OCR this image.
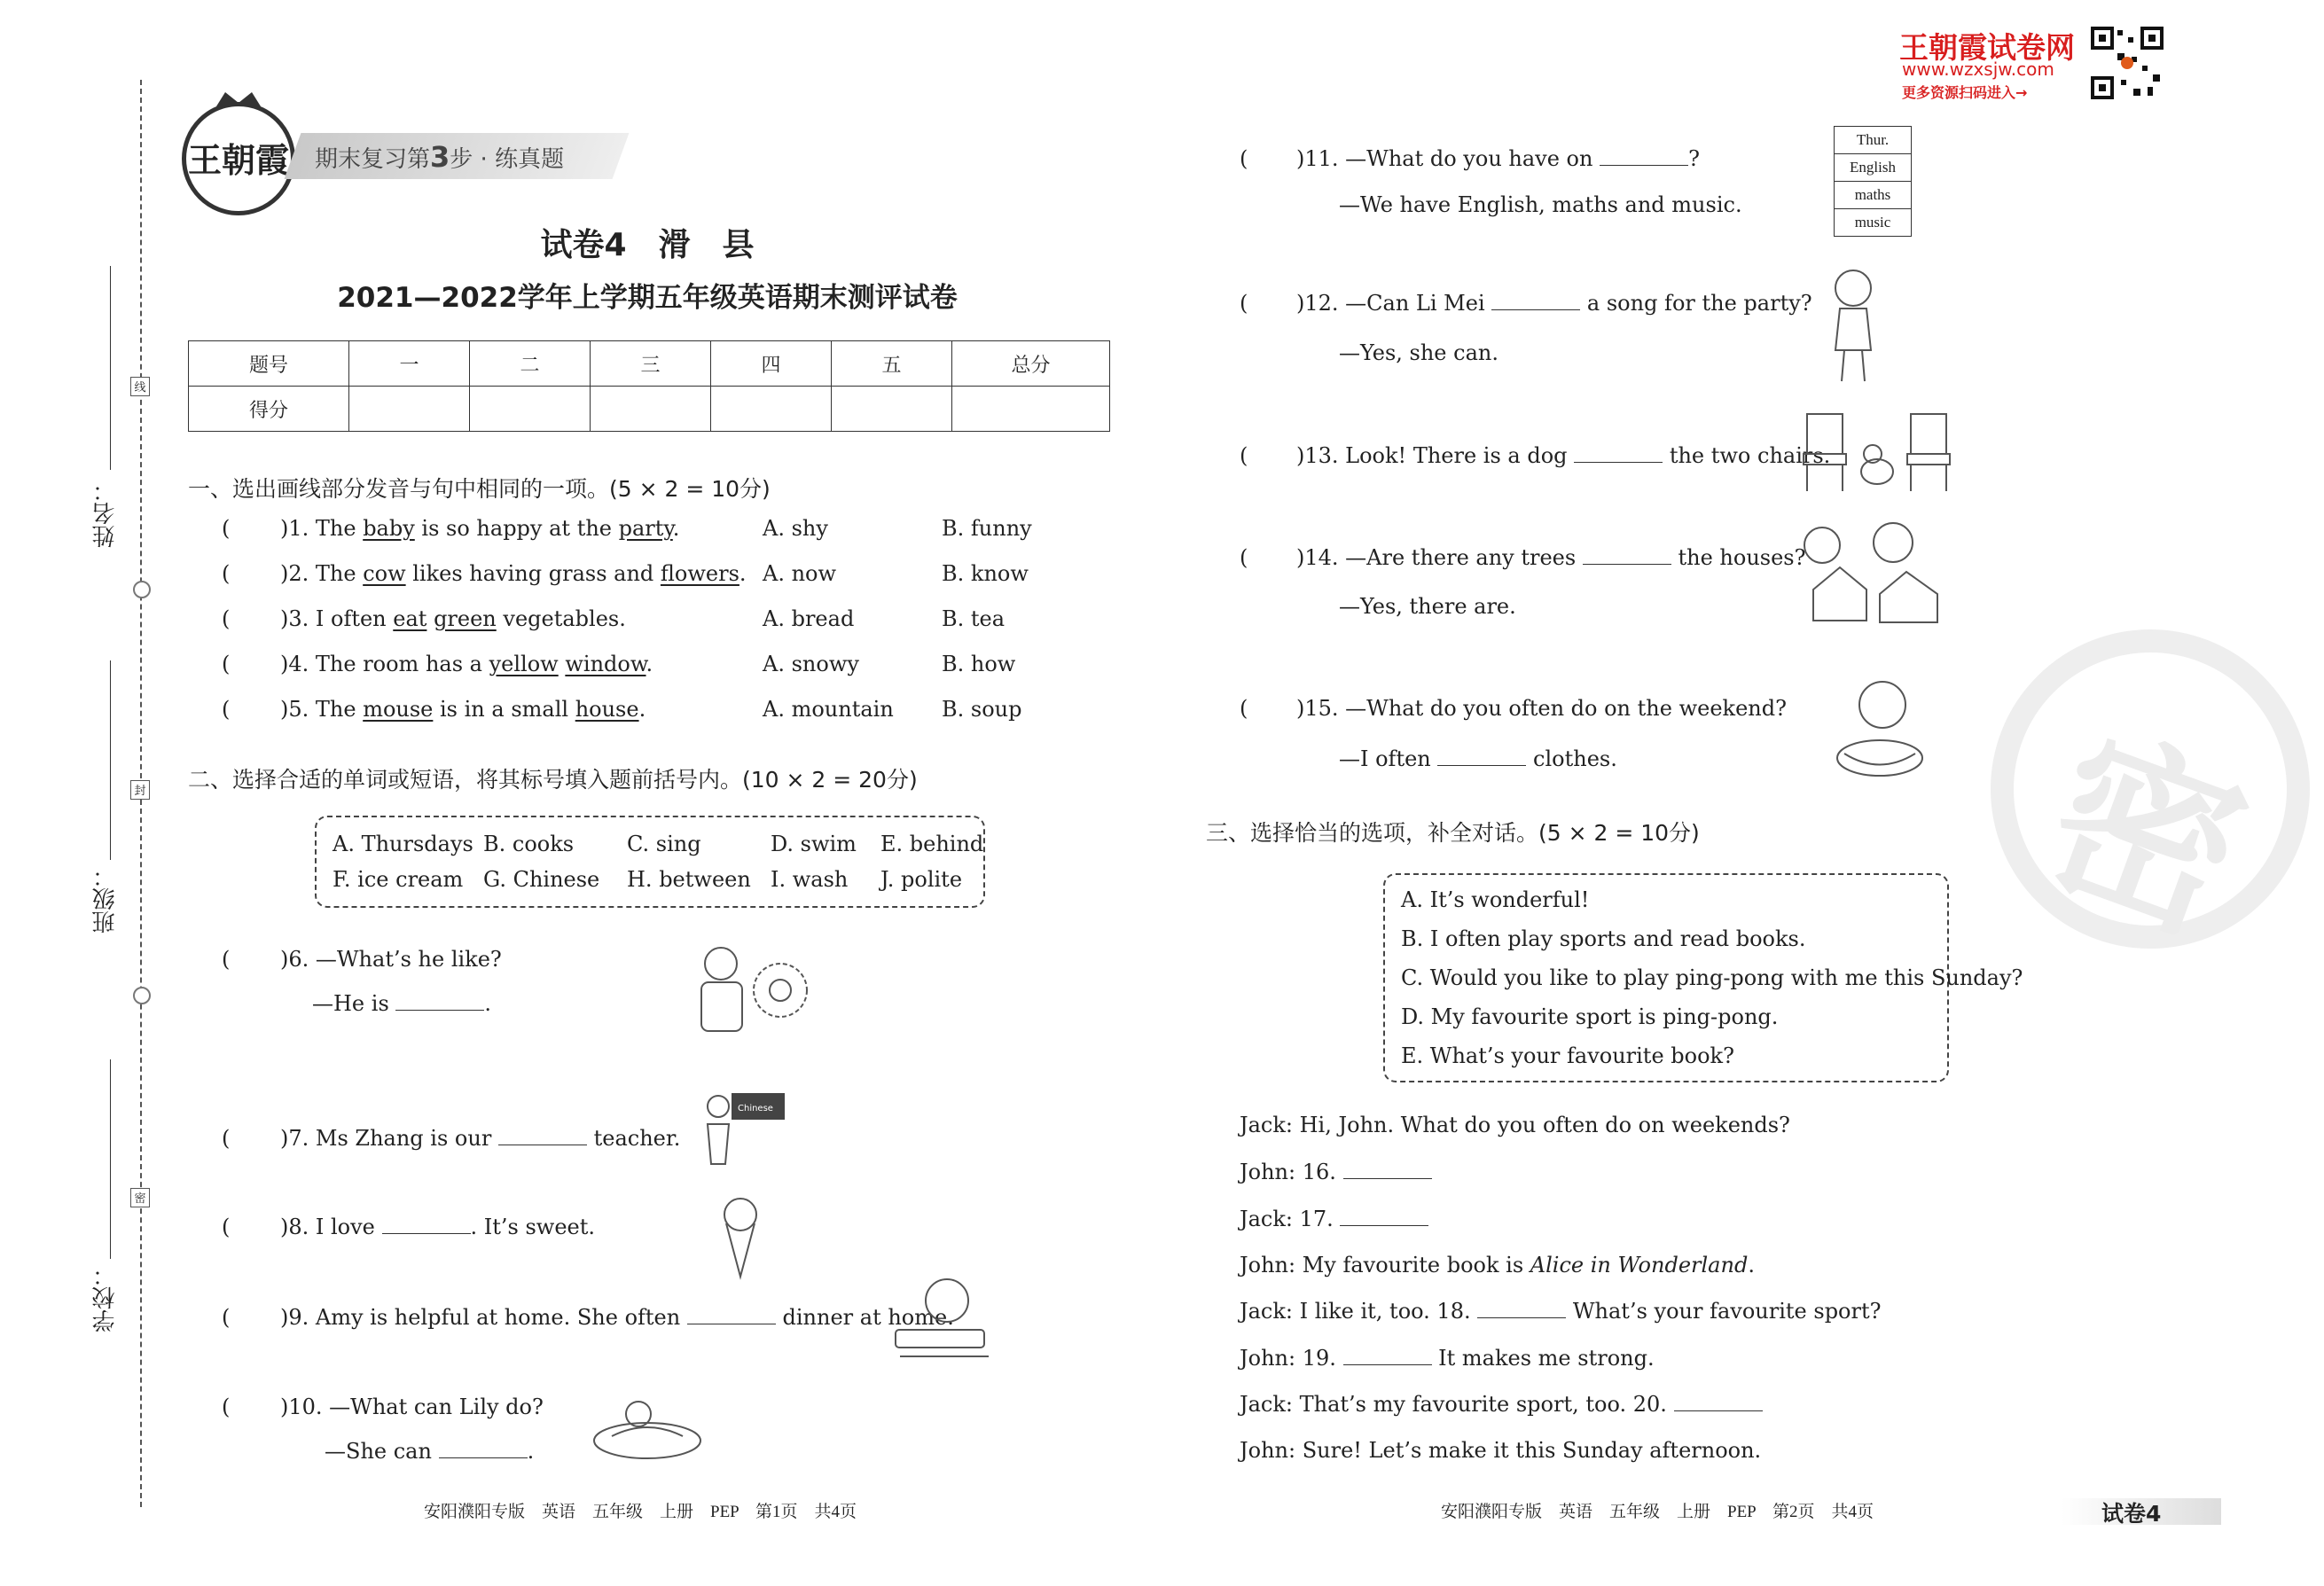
姓名：
班级：
学校：
线
封
密
王朝霞 期末复习第3步 · 练真题
试卷4　滑　县
2021—2022学年上学期五年级英语期末测评试卷
题号	一	二	三	四	五	总分
得分						
一、选出画线部分发音与句中相同的一项。(5 × 2 = 10分)
( )1. The baby is so happy at the party.	A. shy	B. funny
( )2. The cow likes having grass and flowers. A. now	B. know
( )3. I often eat green vegetables.	A. bread	B. tea
( )4. The room has a yellow window.	A. snowy	B. how
( )5. The mouse is in a small house.	A. mountain B. soup
二、选择合适的单词或短语，将其标号填入题前括号内。(10 × 2 = 20分)
A. Thursdays B. cooks C. sing	D. swim E. behind
F. ice cream G. Chinese H. between I. wash J. polite
( )6. —What’s he like?
—He is	.
( )7. Ms Zhang is our	teacher.
Chinese
( )8. I love	. It’s sweet.
( )9. Amy is helpful at home. She often	dinner at home.
( )10. —What can Lily do?
—She can	.
安阳濮阳专版　英语　五年级　上册　PEP　第1页　共4页	安阳濮阳专版　英语　五年级　上册　PEP　第2页　共4页	试卷4
王朝霞试卷网
www.wzxsjw.com
更多资源扫码进入→
( )11. —What do you have on	?
—We have English, maths and music.
Thur.
English
maths
music
( )12. —Can Li Mei	a song for the party?
—Yes, she can.
( )13. Look! There is a dog	the two chairs.
( )14. —Are there any trees	the houses?
—Yes, there are.
( )15. —What do you often do on the weekend?
—I often	clothes.
三、选择恰当的选项，补全对话。(5 × 2 = 10分)
A. It’s wonderful!
B. I often play sports and read books.
C. Would you like to play ping-pong with me this Sunday?
D. My favourite sport is ping-pong.
E. What’s your favourite book?
Jack: Hi, John. What do you often do on weekends?
John: 16.
Jack: 17.
John: My favourite book is Alice in Wonderland.
Jack: I like it, too. 18.	What’s your favourite sport?
John: 19.	It makes me strong.
Jack: That’s my favourite sport, too. 20.
John: Sure! Let’s make it this Sunday afternoon.
密
